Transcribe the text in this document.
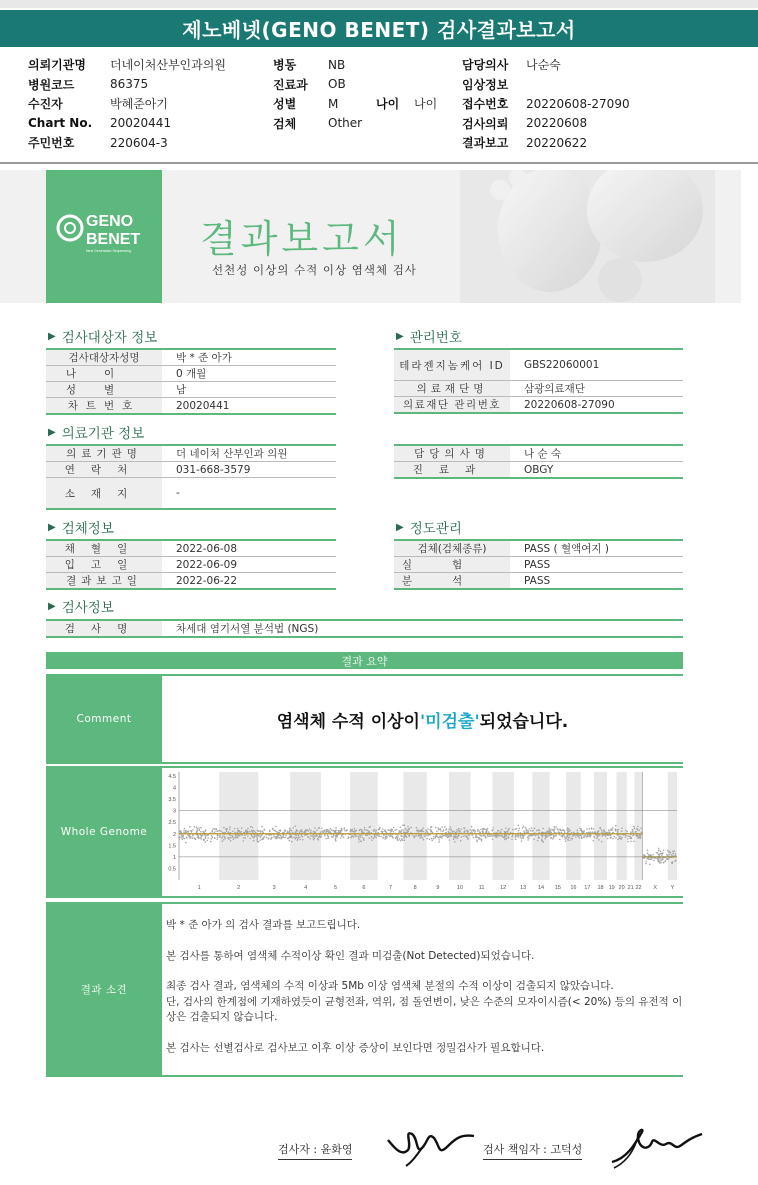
제노베넷(GENO BENET) 검사결과보고서
의뢰기관명	더네이처산부인과의원
병원코드	86375
수진자	박혜준아기
Chart No.	20020441
주민번호	220604-3
병동	NB
진료과	OB
성별	M	나이	나이
검체	Other
담당의사	나순숙
임상정보
접수번호	20220608-27090
검사의뢰	20220608
결과보고	20220622
GENO
BENET
Next Generation Sequencing 결과보고서
선천성 이상의 수적 이상 염색체 검사
▶ 검사대상자 정보
검사대상자성명	박 * 준 아가
나이	0 개월
성별	남
차트번호	20020441
▶ 관리번호
테라젠지놈케어 ID	GBS22060001
의료재단명	삼광의료재단
의료재단 관리번호	20220608-27090
▶ 의료기관 정보
의료기관명	더 네이처 산부인과 의원
연락처	031-668-3579
소재지	-
담당의사명	나 순 숙
진료과	OBGY
▶ 검체정보
채혈일	2022-06-08
입고일	2022-06-09
결과보고일	2022-06-22
▶ 정도관리
검체(검체종류)	PASS ( 혈액여지 )
실험	PASS
분석	PASS
▶ 검사정보
검사명	차세대 염기서열 분석법 (NGS)
결과 요약
Comment	염색체 수적 이상이 '미검출' 되었습니다.
Whole Genome
0.5
1
1.5
2
2.5
3
3.5
4
4.5
1	2	3	4	5	6	7	8	9	10	11	12	13 14 15 16 17 18 19 20 21 22 X Y
결과 소견

박 * 준 아가 의 검사 결과를 보고드립니다.

본 검사를 통하여 염색체 수적이상 확인 결과 미검출(Not Detected)되었습니다.

최종 검사 결과, 염색체의 수적 이상과 5Mb 이상 염색체 분절의 수적 이상이 검출되지 않았습니다.

단, 검사의 한계점에 기재하였듯이 균형전좌, 역위, 점 돌연변이, 낮은 수준의 모자이시즘(< 20%) 등의 유전적 이상은 검출되지 않습니다.

본 검사는 선별검사로 검사보고 이후 이상 증상이 보인다면 정밀검사가 필요합니다.

검사자 : 윤화영	검사 책임자 : 고덕성
